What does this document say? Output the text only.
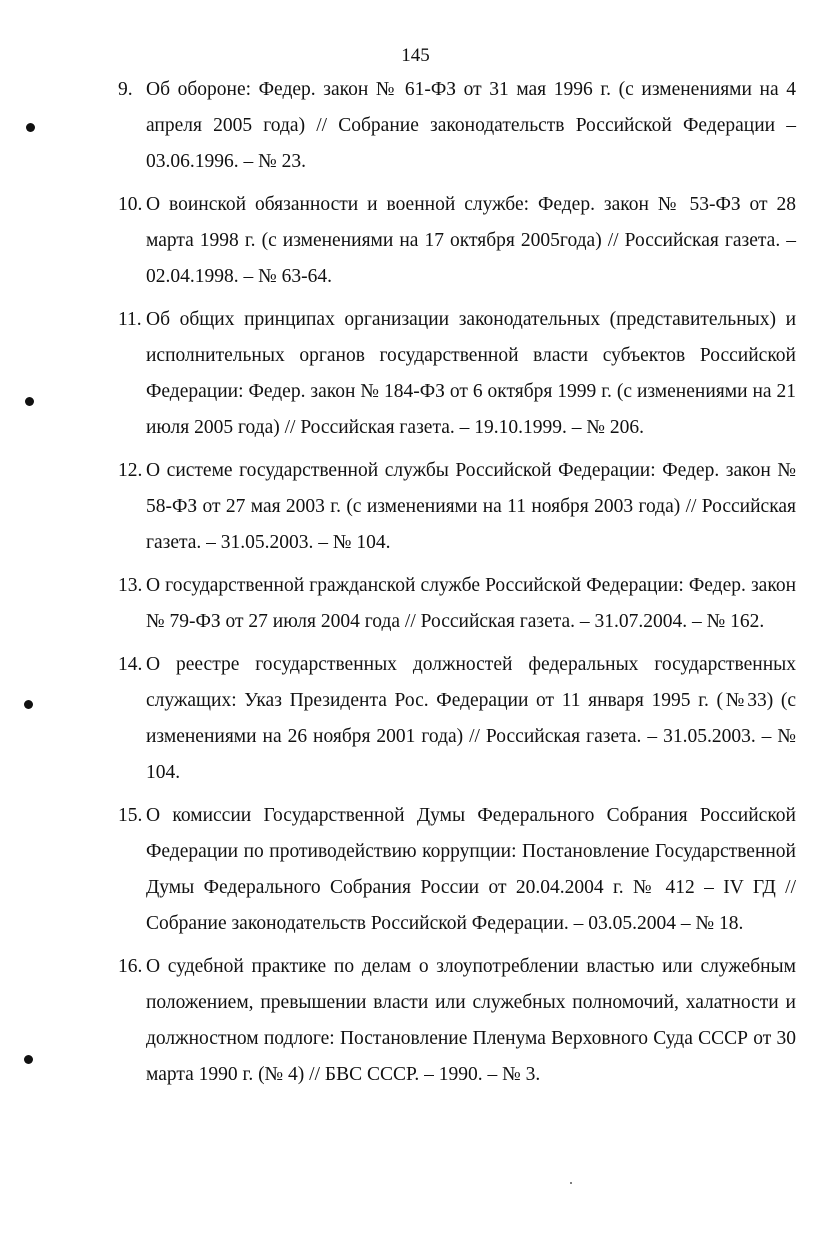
145
9. Об обороне: Федер. закон № 61-ФЗ от 31 мая 1996 г. (с изменениями на 4 апреля 2005 года) // Собрание законодательств Российской Федерации – 03.06.1996. – № 23.
10. О воинской обязанности и военной службе: Федер. закон № 53-ФЗ от 28 марта 1998 г. (с изменениями на 17 октября 2005года) // Российская газета. – 02.04.1998. – № 63-64.
11. Об общих принципах организации законодательных (представительных) и исполнительных органов государственной власти субъектов Российской Федерации: Федер. закон № 184-ФЗ от 6 октября 1999 г. (с изменениями на 21 июля 2005 года) // Российская газета. – 19.10.1999. – № 206.
12. О системе государственной службы Российской Федерации: Федер. закон № 58-ФЗ от 27 мая 2003 г. (с изменениями на 11 ноября 2003 года) // Российская газета. – 31.05.2003. – № 104.
13. О государственной гражданской службе Российской Федерации: Федер. закон № 79-ФЗ от 27 июля 2004 года // Российская газета. – 31.07.2004. – № 162.
14. О реестре государственных должностей федеральных государственных служащих: Указ Президента Рос. Федерации от 11 января 1995 г. (№33) (с изменениями на 26 ноября 2001 года) // Российская газета. – 31.05.2003. – № 104.
15. О комиссии Государственной Думы Федерального Собрания Российской Федерации по противодействию коррупции: Постановление Государственной Думы Федерального Собрания России от 20.04.2004 г. № 412 – IV ГД // Собрание законодательств Российской Федерации. – 03.05.2004 – № 18.
16. О судебной практике по делам о злоупотреблении властью или служебным положением, превышении власти или служебных полномочий, халатности и должностном подлоге: Постановление Пленума Верховного Суда СССР от 30 марта 1990 г. (№ 4) // БВС СССР. – 1990. – № 3.
